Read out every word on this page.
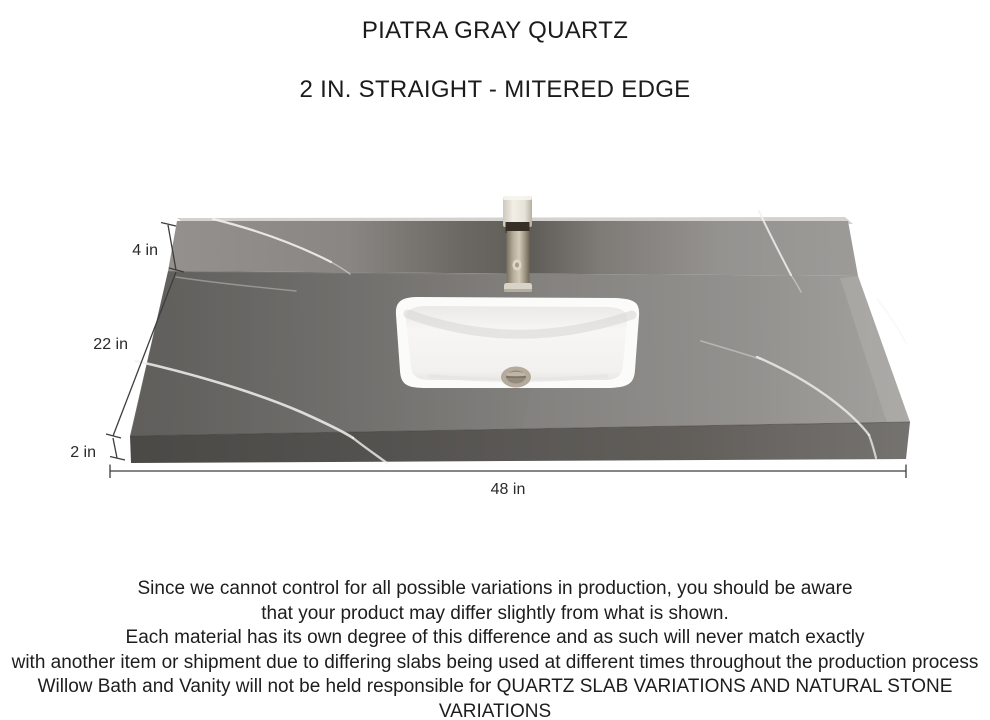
PIATRA GRAY QUARTZ
2 IN. STRAIGHT - MITERED EDGE
4 in
22 in
2 in
48 in

Since we cannot control for all possible variations in production, you should be aware

that your product may differ slightly from what is shown.

Each material has its own degree of this difference and as such will never match exactly

with another item or shipment due to differing slabs being used at different times throughout the production process

Willow Bath and Vanity will not be held responsible for QUARTZ SLAB VARIATIONS AND NATURAL STONE VARIATIONS
